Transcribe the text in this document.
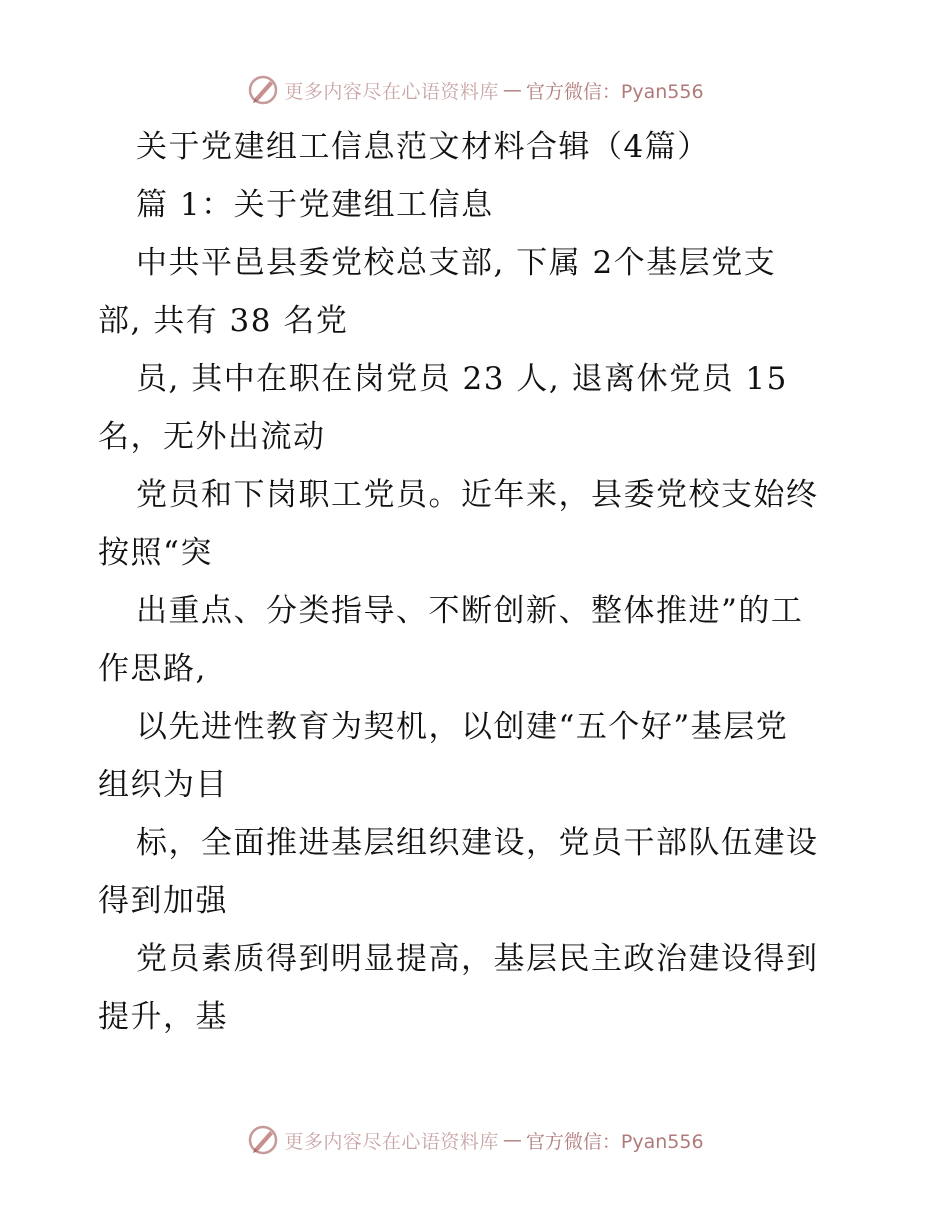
更多内容尽在心语资料库 — 官方微信：Pyan556
关于党建组工信息范文材料合辑（4篇）
篇 1：关于党建组工信息
中共平邑县委党校总支部, 下属 2个基层党支
部, 共有 38 名党
员, 其中在职在岗党员 23 人, 退离休党员 15
名，无外出流动
党员和下岗职工党员。近年来，县委党校支始终
按照“突
出重点、分类指导、不断创新、整体推进”的工
作思路,
以先进性教育为契机，以创建“五个好”基层党
组织为目
标，全面推进基层组织建设，党员干部队伍建设
得到加强
党员素质得到明显提高，基层民主政治建设得到
提升，基
更多内容尽在心语资料库 — 官方微信：Pyan556
